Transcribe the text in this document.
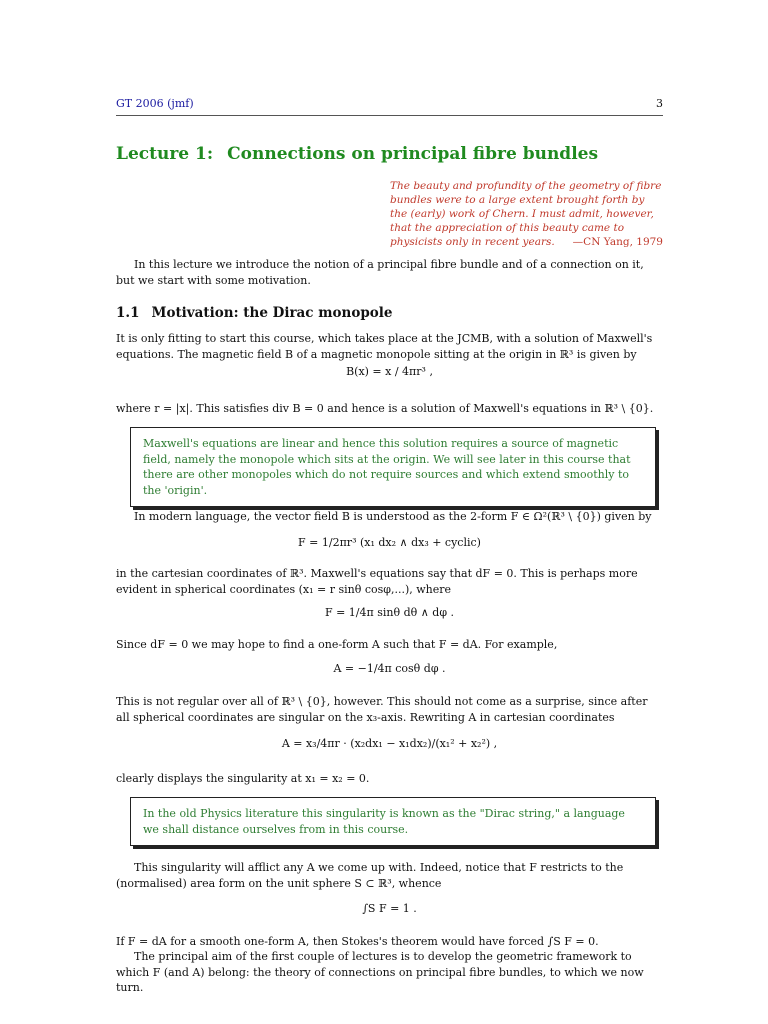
GT 2006 (jmf)	3
Lecture 1: Connections on principal fibre bundles
The beauty and profundity of the geometry of fibre bundles were to a large extent brought forth by the (early) work of Chern. I must admit, however, that the appreciation of this beauty came to physicists only in recent years.	—CN Yang, 1979
In this lecture we introduce the notion of a principal fibre bundle and of a connection on it, but we start with some motivation.
1.1 Motivation: the Dirac monopole
It is only fitting to start this course, which takes place at the JCMB, with a solution of Maxwell's equations. The magnetic field B of a magnetic monopole sitting at the origin in ℝ³ is given by
B(x) = x / 4πr³ ,
where r = |x|. This satisfies div B = 0 and hence is a solution of Maxwell's equations in ℝ³ \ {0}.
Maxwell's equations are linear and hence this solution requires a source of magnetic field, namely the monopole which sits at the origin. We will see later in this course that there are other monopoles which do not require sources and which extend smoothly to the 'origin'.
In modern language, the vector field B is understood as the 2-form F ∈ Ω²(ℝ³ \ {0}) given by
F = 1/2πr³ (x₁ dx₂ ∧ dx₃ + cyclic)
in the cartesian coordinates of ℝ³. Maxwell's equations say that dF = 0. This is perhaps more evident in spherical coordinates (x₁ = r sinθ cosφ,...), where
F = 1/4π sinθ dθ ∧ dφ .
Since dF = 0 we may hope to find a one-form A such that F = dA. For example,
A = −1/4π cosθ dφ .
This is not regular over all of ℝ³ \ {0}, however. This should not come as a surprise, since after all spherical coordinates are singular on the x₃-axis. Rewriting A in cartesian coordinates
A = x₃/4πr · (x₂dx₁ − x₁dx₂)/(x₁² + x₂²) ,
clearly displays the singularity at x₁ = x₂ = 0.
In the old Physics literature this singularity is known as the "Dirac string," a language we shall distance ourselves from in this course.
This singularity will afflict any A we come up with. Indeed, notice that F restricts to the (normalised) area form on the unit sphere S ⊂ ℝ³, whence
∫S F = 1 .
If F = dA for a smooth one-form A, then Stokes's theorem would have forced ∫S F = 0.
The principal aim of the first couple of lectures is to develop the geometric framework to which F (and A) belong: the theory of connections on principal fibre bundles, to which we now turn.
